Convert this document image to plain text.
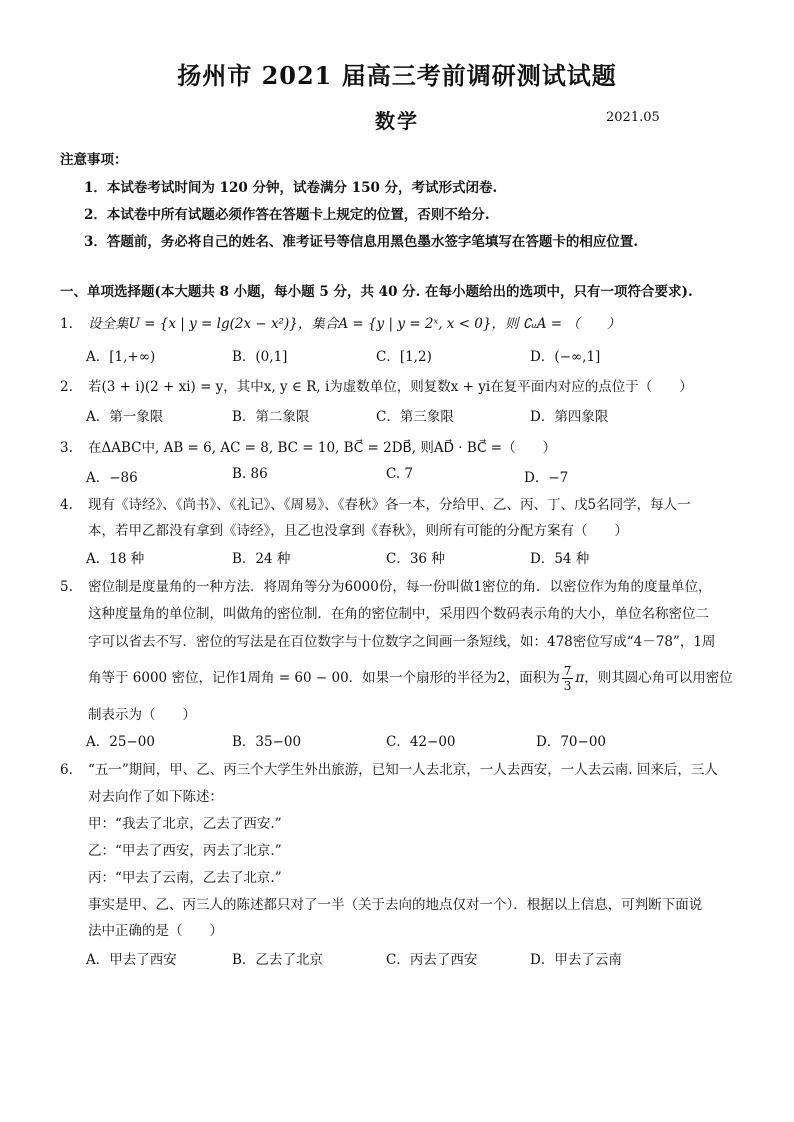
扬州市 2021 届高三考前调研测试试题
数学	2021.05
注意事项：
1．本试卷考试时间为 120 分钟，试卷满分 150 分，考试形式闭卷.
2．本试卷中所有试题必须作答在答题卡上规定的位置，否则不给分.
3．答题前，务必将自己的姓名、准考证号等信息用黑色墨水签字笔填写在答题卡的相应位置.
一、单项选择题(本大题共 8 小题，每小题 5 分，共 40 分. 在每小题给出的选项中，只有一项符合要求).
1. 设全集U = {x | y = lg(2x − x²)}，集合A = {y | y = 2ˣ, x < 0}，则 ∁ᵤA = （　　）
A．[1,+∞)	B．(0,1]	C．[1,2)	D．(−∞,1]
2. 若(3 + i)(2 + xi) = y，其中x, y ∈ R, i为虚数单位，则复数x + yi在复平面内对应的点位于（　　）
A．第一象限	B．第二象限	C．第三象限	D．第四象限
3. 在ΔABC中, AB = 6, AC = 8, BC = 10, BC⃗ = 2DB⃗, 则AD⃗ · BC⃗ =（　　）
A．−86	B. 86	C. 7	D．−7
4. 现有《诗经》、《尚书》、《礼记》、《周易》、《春秋》各一本，分给甲、乙、丙、丁、戊5名同学，每人一
本，若甲乙都没有拿到《诗经》，且乙也没拿到《春秋》，则所有可能的分配方案有（　　）
A．18 种	B．24 种	C．36 种	D．54 种
5. 密位制是度量角的一种方法．将周角等分为6000份，每一份叫做1密位的角．以密位作为角的度量单位，
这种度量角的单位制，叫做角的密位制．在角的密位制中，采用四个数码表示角的大小，单位名称密位二
字可以省去不写．密位的写法是在百位数字与十位数字之间画一条短线，如：478密位写成“4－78”，1周
角等于 6000 密位，记作1周角 = 60 − 00．如果一个扇形的半径为2，面积为 $\frac{7}{3}$ π，则其圆心角可以用密位
制表示为（　　）
A．25−00	B．35−00	C．42−00	D．70−00
6. “五一”期间，甲、乙、丙三个大学生外出旅游，已知一人去北京，一人去西安，一人去云南. 回来后，三人
对去向作了如下陈述：
甲：“我去了北京，乙去了西安.”
乙：“甲去了西安，丙去了北京.”
丙：“甲去了云南，乙去了北京.”
事实是甲、乙、丙三人的陈述都只对了一半（关于去向的地点仅对一个）．根据以上信息，可判断下面说
法中正确的是（　　）
A．甲去了西安	B．乙去了北京	C．丙去了西安	D．甲去了云南
